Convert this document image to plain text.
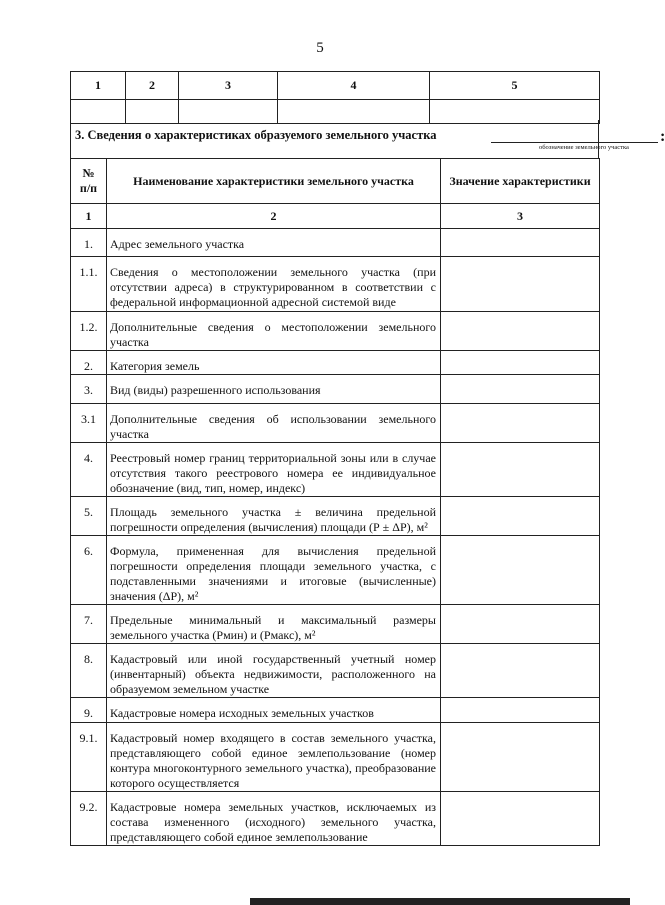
5
1	2	3	4	5

3. Сведения о характеристиках образуемого земельного участка	:
обозначение земельного участка
№
п/п	Наименование характеристики земельного участка	Значение характеристики
1	2	3
1.	Адрес земельного участка	
1.1.	Сведения о местоположении земельного участка (при отсутствии адреса) в структурированном в соответствии с федеральной информационной адресной системой виде	
1.2.	Дополнительные сведения о местоположении земельного участка	
2.	Категория земель	
3.	Вид (виды) разрешенного использования	
3.1	Дополнительные сведения об использовании земельного участка	
4.	Реестровый номер границ территориальной зоны или в случае отсутствия такого реестрового номера ее индивидуальное обозначение (вид, тип, номер, индекс)	
5.	Площадь земельного участка ± величина предельной погрешности определения (вычисления) площади (Р ± ΔР), м²	
6.	Формула, примененная для вычисления предельной погрешности определения площади земельного участка, с подставленными значениями и итоговые (вычисленные) значения (ΔР), м²	
7.	Предельные минимальный и максимальный размеры земельного участка (Рмин) и (Рмакс), м²	
8.	Кадастровый или иной государственный учетный номер (инвентарный) объекта недвижимости, расположенного на образуемом земельном участке	
9.	Кадастровые номера исходных земельных участков	
9.1.	Кадастровый номер входящего в состав земельного участка, представляющего собой единое землепользование (номер контура многоконтурного земельного участка), преобразование которого осуществляется	
9.2.	Кадастровые номера земельных участков, исключаемых из состава измененного (исходного) земельного участка, представляющего собой единое землепользование	
